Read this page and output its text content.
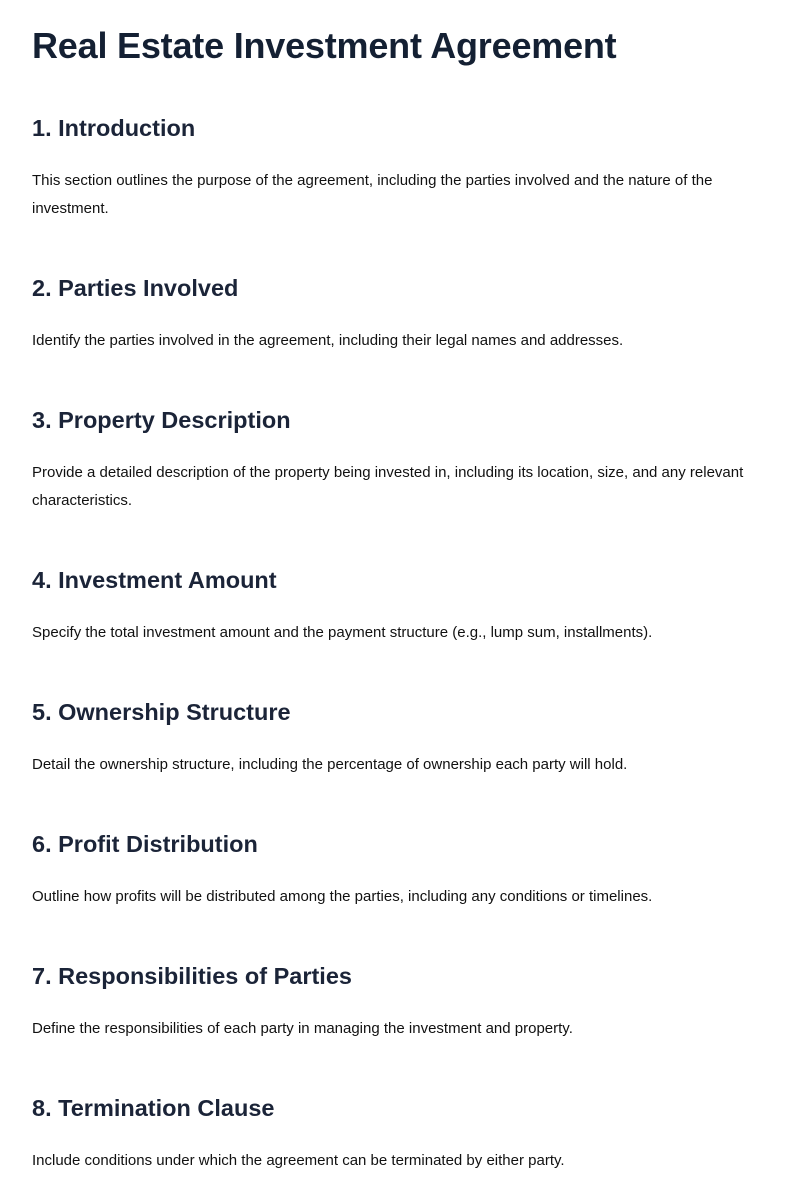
Real Estate Investment Agreement
1. Introduction

This section outlines the purpose of the agreement, including the parties involved and the nature of the investment.

2. Parties Involved

Identify the parties involved in the agreement, including their legal names and addresses.

3. Property Description

Provide a detailed description of the property being invested in, including its location, size, and any relevant characteristics.

4. Investment Amount

Specify the total investment amount and the payment structure (e.g., lump sum, installments).

5. Ownership Structure

Detail the ownership structure, including the percentage of ownership each party will hold.

6. Profit Distribution

Outline how profits will be distributed among the parties, including any conditions or timelines.

7. Responsibilities of Parties

Define the responsibilities of each party in managing the investment and property.

8. Termination Clause

Include conditions under which the agreement can be terminated by either party.
